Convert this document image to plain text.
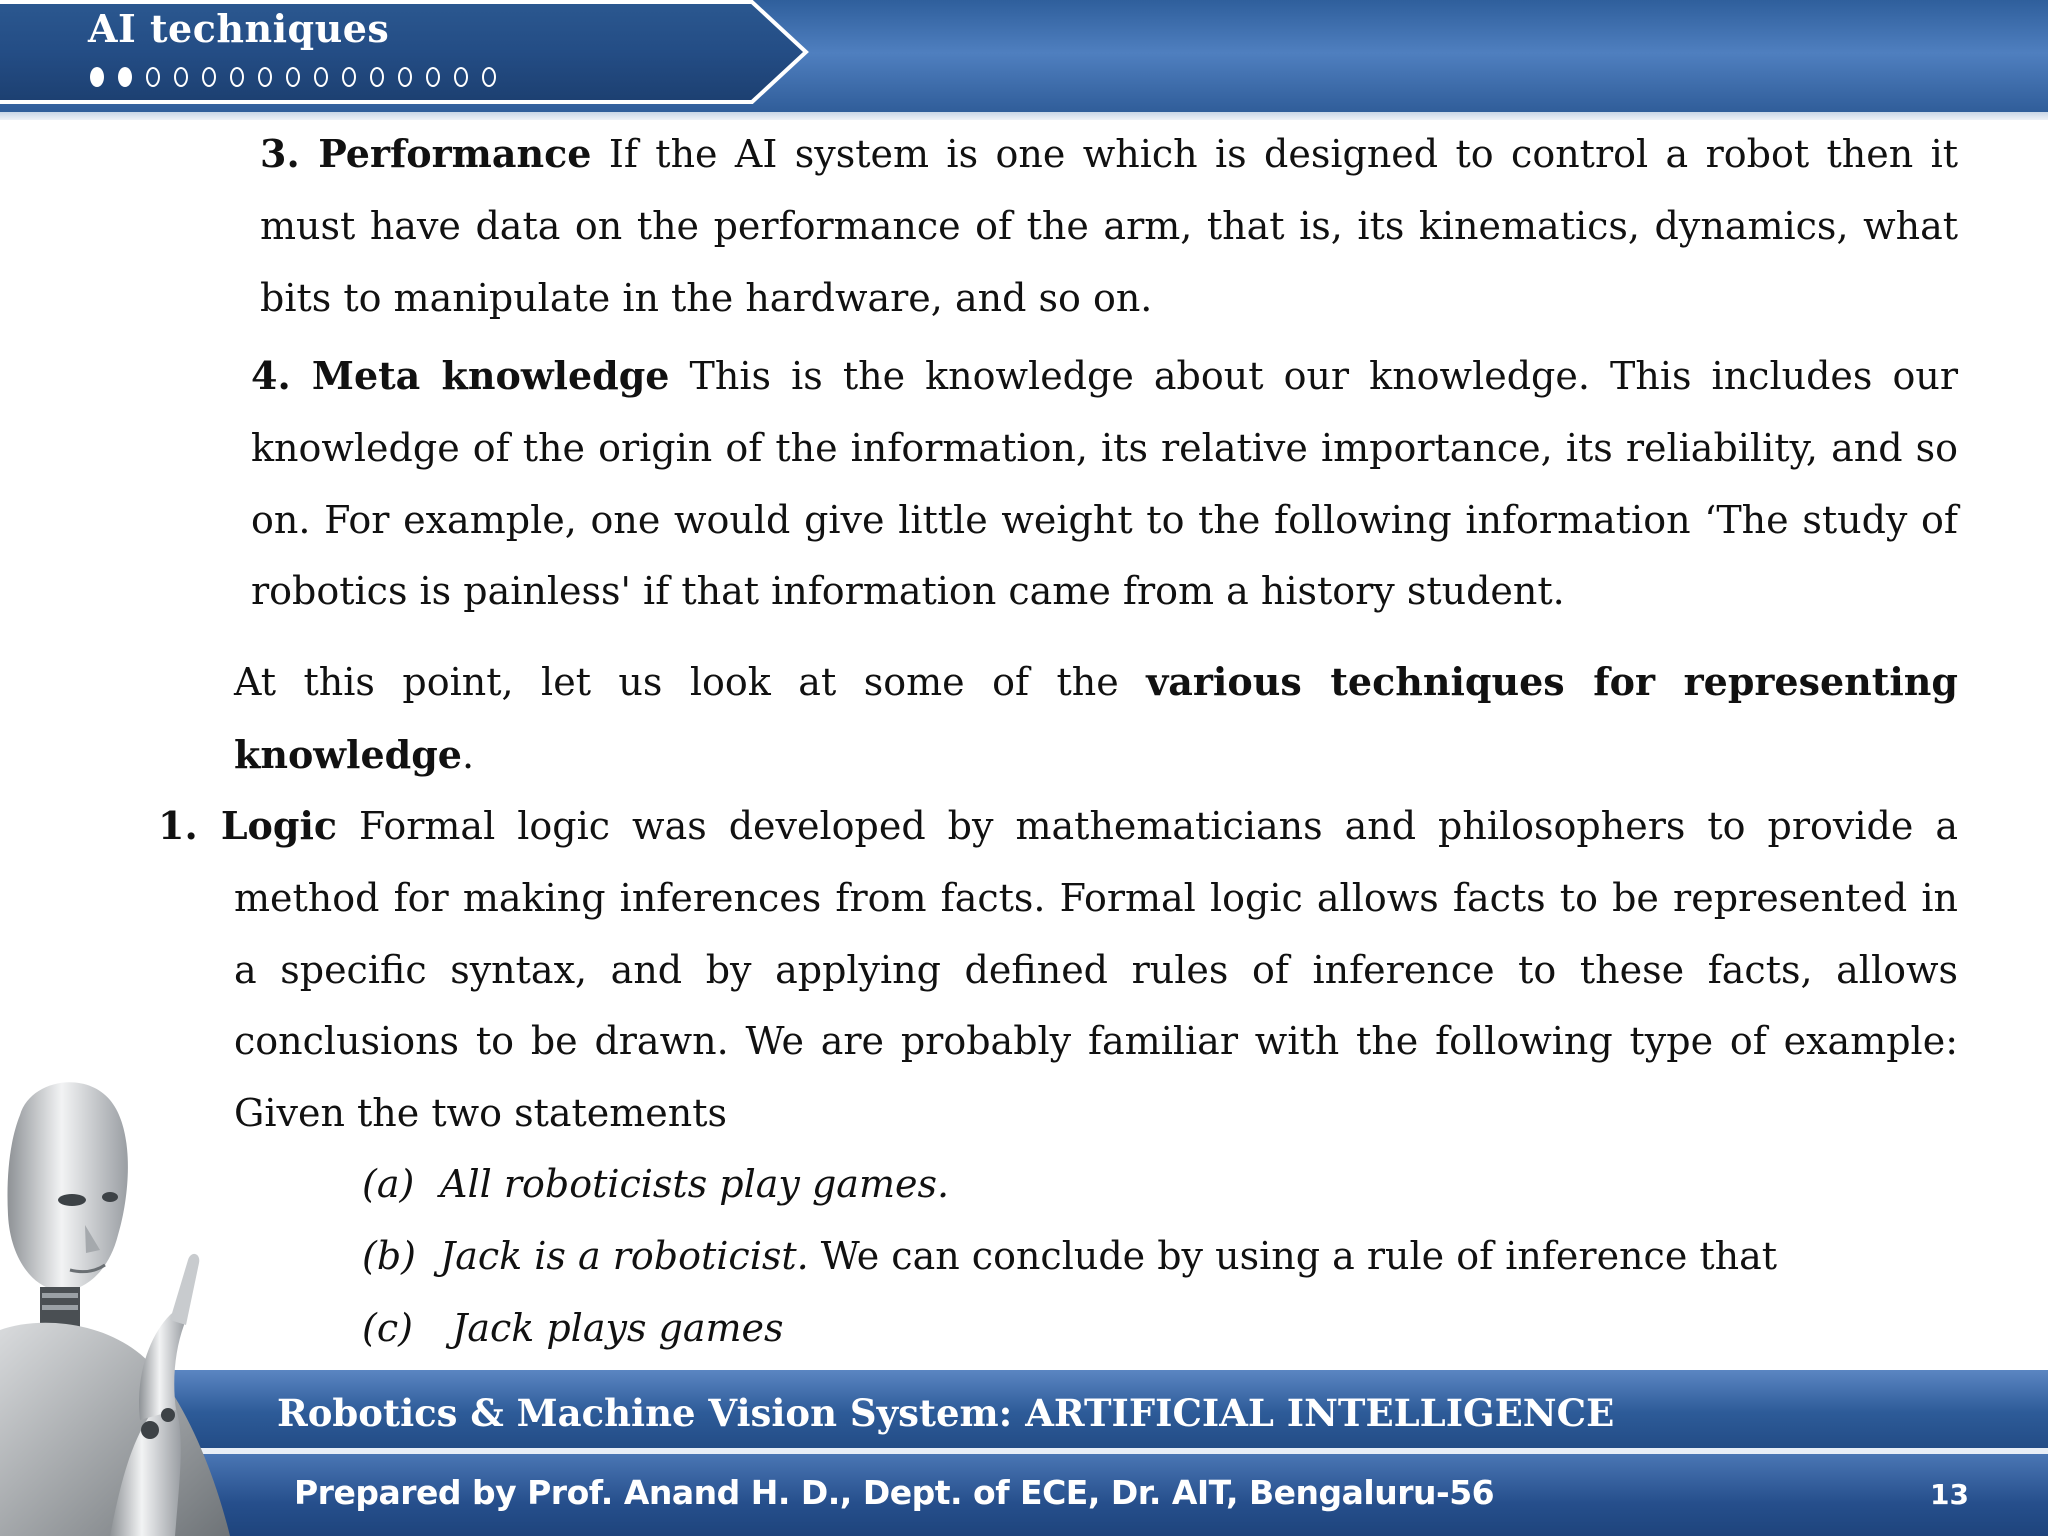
AI techniques
3. Performance If the AI system is one which is designed to control a robot then it must have data on the performance of the arm, that is, its kinematics, dynamics, what bits to manipulate in the hardware, and so on.
4. Meta knowledge This is the knowledge about our knowledge. This includes our knowledge of the origin of the information, its relative importance, its reliability, and so on. For example, one would give little weight to the following information ‘The study of robotics is painless' if that information came from a history student.
At this point, let us look at some of the various techniques for representing knowledge.
1. Logic Formal logic was developed by mathematicians and philosophers to provide a method for making inferences from facts. Formal logic allows facts to be represented in a specific syntax, and by applying defined rules of inference to these facts, allows conclusions to be drawn. We are probably familiar with the following type of example: Given the two statements
(a) All roboticists play games.
(b) Jack is a roboticist. We can conclude by using a rule of inference that
(c) Jack plays games
Robotics & Machine Vision System: ARTIFICIAL INTELLIGENCE
Prepared by Prof. Anand H. D., Dept. of ECE, Dr. AIT, Bengaluru-56	13
